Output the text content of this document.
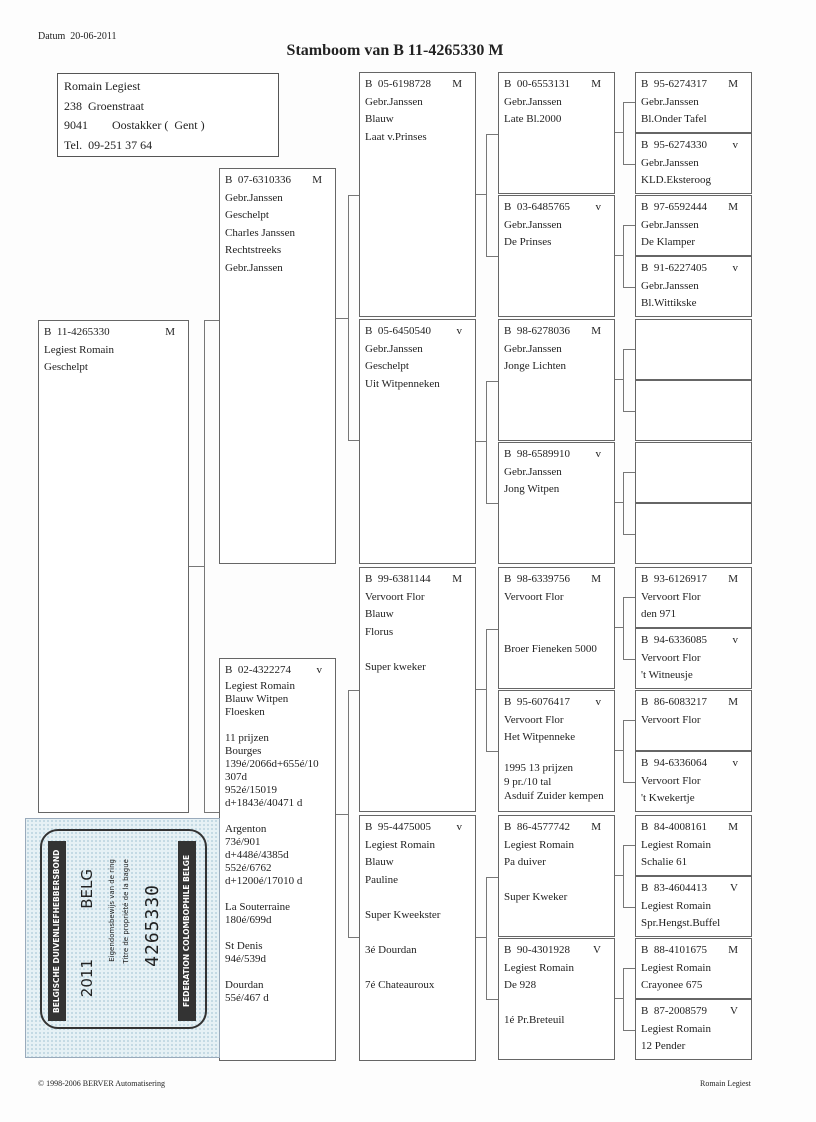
Datum  20-06-2011
Stamboom van B 11-4265330 M
Romain Legiest
238  Groenstraat
9041        Oostakker (  Gent )
Tel.  09-251 37 64
B  11-4265330	M
Legiest Romain
Geschelpt
B  07-6310336 M
Gebr.Janssen
Geschelpt
Charles Janssen
Rechtstreeks
Gebr.Janssen
B  02-4322274 v
Legiest Romain
Blauw Witpen
Floesken
11 prijzen
Bourges
139é/2066d+655é/10
307d
952é/15019
d+1843é/40471 d
Argenton
73é/901
d+448é/4385d
552é/6762
d+1200é/17010 d
La Souterraine
180é/699d
St Denis
94é/539d
Dourdan
55é/467 d
B  05-6198728 M
Gebr.Janssen
Blauw
Laat v.Prinses
B  05-6450540 v
Gebr.Janssen
Geschelpt
Uit Witpenneken
B  99-6381144 M
Vervoort Flor
Blauw
Florus
Super kweker
B  95-4475005 v
Legiest Romain
Blauw
Pauline
Super Kweekster
3é Dourdan
7é Chateauroux
B  00-6553131 M
Gebr.Janssen
Late Bl.2000
B  03-6485765 v
Gebr.Janssen
De Prinses
B  98-6278036 M
Gebr.Janssen
Jonge Lichten
B  98-6589910 v
Gebr.Janssen
Jong Witpen
B  98-6339756 M
Vervoort Flor
Broer Fieneken 5000
B  95-6076417 v
Vervoort Flor
Het Witpenneke
1995 13 prijzen
9 pr./10 tal
Asduif Zuider kempen
B  86-4577742 M
Legiest Romain
Pa duiver
Super Kweker
B  90-4301928 V
Legiest Romain
De 928
1é Pr.Breteuil
B  95-6274317 M
Gebr.Janssen
Bl.Onder Tafel
B  95-6274330 v
Gebr.Janssen
KLD.Eksteroog
B  97-6592444 M
Gebr.Janssen
De Klamper
B  91-6227405 v
Gebr.Janssen
Bl.Wittikske
B  93-6126917 M
Vervoort Flor
den 971
B  94-6336085 v
Vervoort Flor
't Witneusje
B  86-6083217 M
Vervoort Flor
B  94-6336064 v
Vervoort Flor
't Kwekertje
B  84-4008161 M
Legiest Romain
Schalie 61
B  83-4604413 V
Legiest Romain
Spr.Hengst.Buffel
B  88-4101675 M
Legiest Romain
Crayonee 675
B  87-2008579 V
Legiest Romain
12 Pender
BELGISCHE DUIVENLIEFHEBBERSBOND	FEDERATION COLOMBOPHILE BELGE
BELG
2011
Eigendomsbewijs van de ring Titre de propriété de la bague 4265330
© 1998-2006 BERVER Automatisering	Romain Legiest
